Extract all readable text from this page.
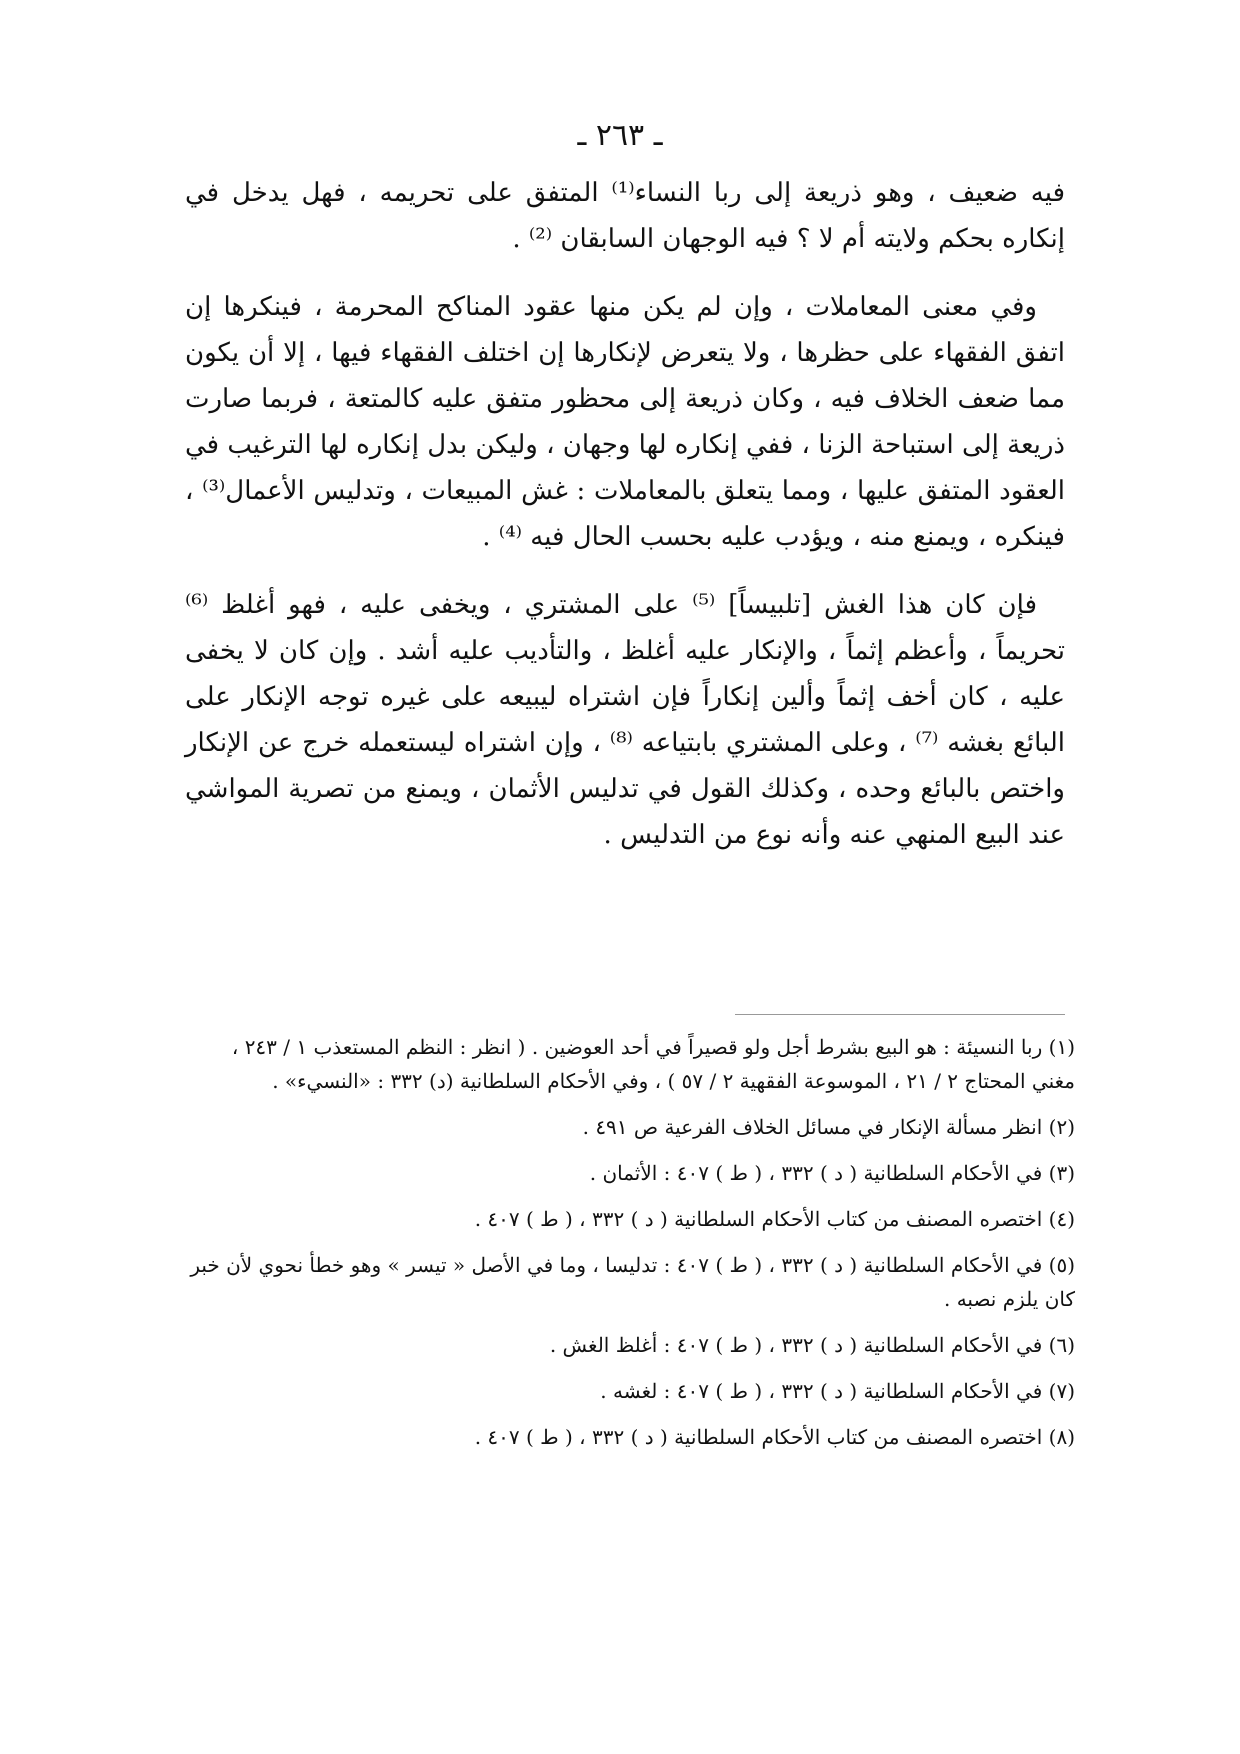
ـ ٢٦٣ ـ

فيه ضعيف ، وهو ذريعة إلى ربا النساء⁽¹⁾ المتفق على تحريمه ، فهل يدخل في إنكاره بحكم ولايته أم لا ؟ فيه الوجهان السابقان ⁽²⁾ .

وفي معنى المعاملات ، وإن لم يكن منها عقود المناكح المحرمة ، فينكرها إن اتفق الفقهاء على حظرها ، ولا يتعرض لإنكارها إن اختلف الفقهاء فيها ، إلا أن يكون مما ضعف الخلاف فيه ، وكان ذريعة إلى محظور متفق عليه كالمتعة ، فربما صارت ذريعة إلى استباحة الزنا ، ففي إنكاره لها وجهان ، وليكن بدل إنكاره لها الترغيب في العقود المتفق عليها ، ومما يتعلق بالمعاملات : غش المبيعات ، وتدليس الأعمال⁽³⁾ ، فينكره ، ويمنع منه ، ويؤدب عليه بحسب الحال فيه ⁽⁴⁾ .

فإن كان هذا الغش [تلبيساً] ⁽⁵⁾ على المشتري ، ويخفى عليه ، فهو أغلظ ⁽⁶⁾ تحريماً ، وأعظم إثماً ، والإنكار عليه أغلظ ، والتأديب عليه أشد . وإن كان لا يخفى عليه ، كان أخف إثماً وألين إنكاراً فإن اشتراه ليبيعه على غيره توجه الإنكار على البائع بغشه ⁽⁷⁾ ، وعلى المشتري بابتياعه ⁽⁸⁾ ، وإن اشتراه ليستعمله خرج عن الإنكار واختص بالبائع وحده ، وكذلك القول في تدليس الأثمان ، ويمنع من تصرية المواشي عند البيع المنهي عنه وأنه نوع من التدليس .

(١) ربا النسيئة : هو البيع بشرط أجل ولو قصيراً في أحد العوضين . ( انظر : النظم المستعذب ١ / ٢٤٣ ، مغني المحتاج ٢ / ٢١ ، الموسوعة الفقهية ٢ / ٥٧ ) ، وفي الأحكام السلطانية (د) ٣٣٢ : «النسيء» .
(٢) انظر مسألة الإنكار في مسائل الخلاف الفرعية ص ٤٩١ .
(٣) في الأحكام السلطانية ( د ) ٣٣٢ ، ( ط ) ٤٠٧ : الأثمان .
(٤) اختصره المصنف من كتاب الأحكام السلطانية ( د ) ٣٣٢ ، ( ط ) ٤٠٧ .
(٥) في الأحكام السلطانية ( د ) ٣٣٢ ، ( ط ) ٤٠٧ : تدليسا ، وما في الأصل « تيسر » وهو خطأ نحوي لأن خبر كان يلزم نصبه .
(٦) في الأحكام السلطانية ( د ) ٣٣٢ ، ( ط ) ٤٠٧ : أغلظ الغش .
(٧) في الأحكام السلطانية ( د ) ٣٣٢ ، ( ط ) ٤٠٧ : لغشه .
(٨) اختصره المصنف من كتاب الأحكام السلطانية ( د ) ٣٣٢ ، ( ط ) ٤٠٧ .
